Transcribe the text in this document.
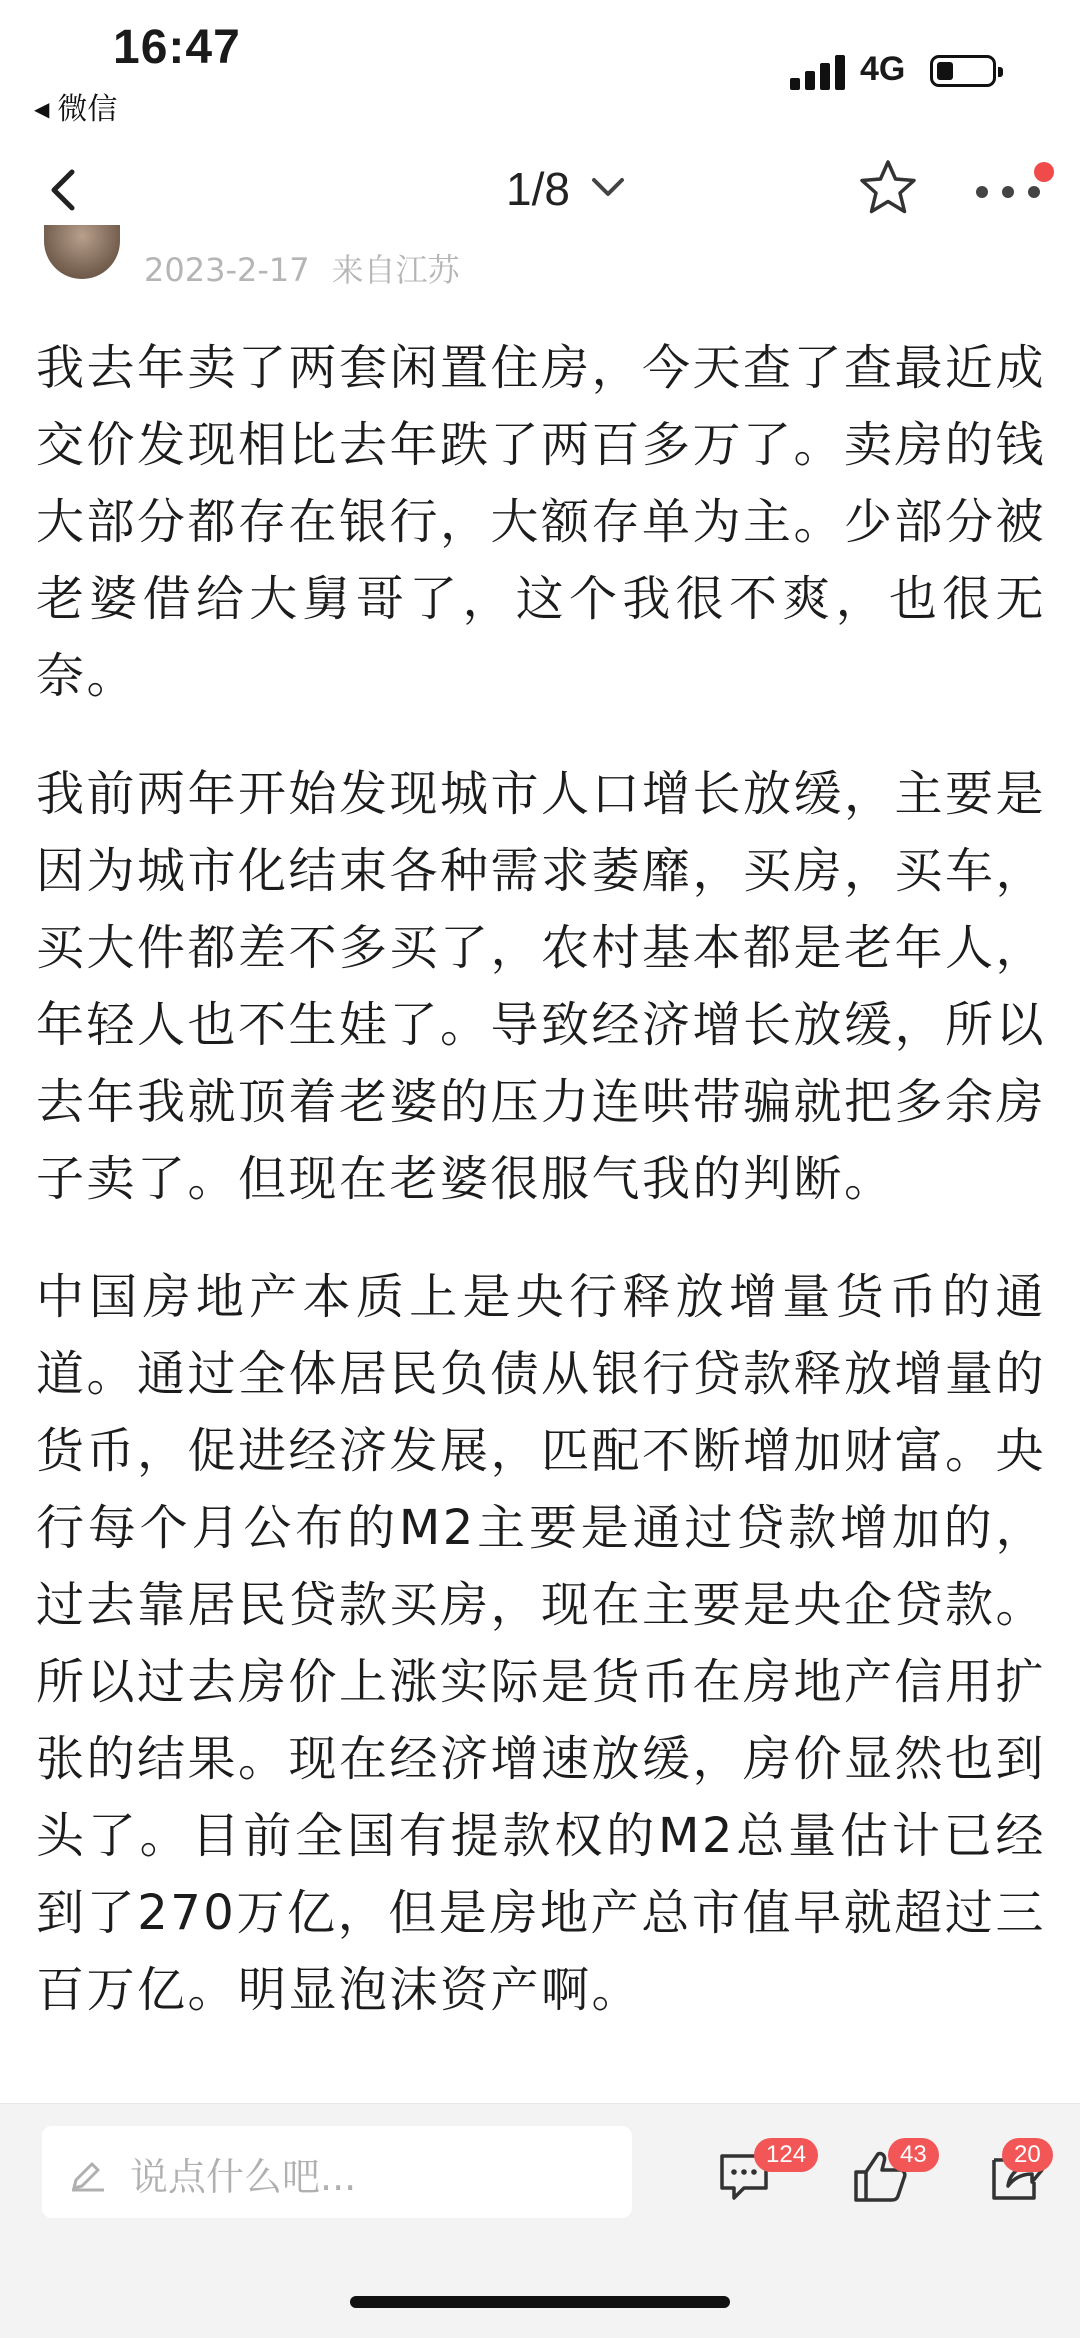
16:47
◀ 微信
4G
1/8
2023-2-17 来自江苏

我去年卖了两套闲置住房，今天查了查最近成交价发现相比去年跌了两百多万了。卖房的钱大部分都存在银行，大额存单为主。少部分被老婆借给大舅哥了，这个我很不爽，也很无奈。

我前两年开始发现城市人口增长放缓，主要是因为城市化结束各种需求萎靡，买房，买车，买大件都差不多买了，农村基本都是老年人，年轻人也不生娃了。导致经济增长放缓，所以去年我就顶着老婆的压力连哄带骗就把多余房子卖了。但现在老婆很服气我的判断。

中国房地产本质上是央行释放增量货币的通道。通过全体居民负债从银行贷款释放增量的货币，促进经济发展，匹配不断增加财富。央行每个月公布的M2主要是通过贷款增加的，过去靠居民贷款买房，现在主要是央企贷款。所以过去房价上涨实际是货币在房地产信用扩张的结果。现在经济增速放缓，房价显然也到头了。目前全国有提款权的M2总量估计已经到了270万亿，但是房地产总市值早就超过三百万亿。明显泡沫资产啊。

说点什么吧...
124	43	20
